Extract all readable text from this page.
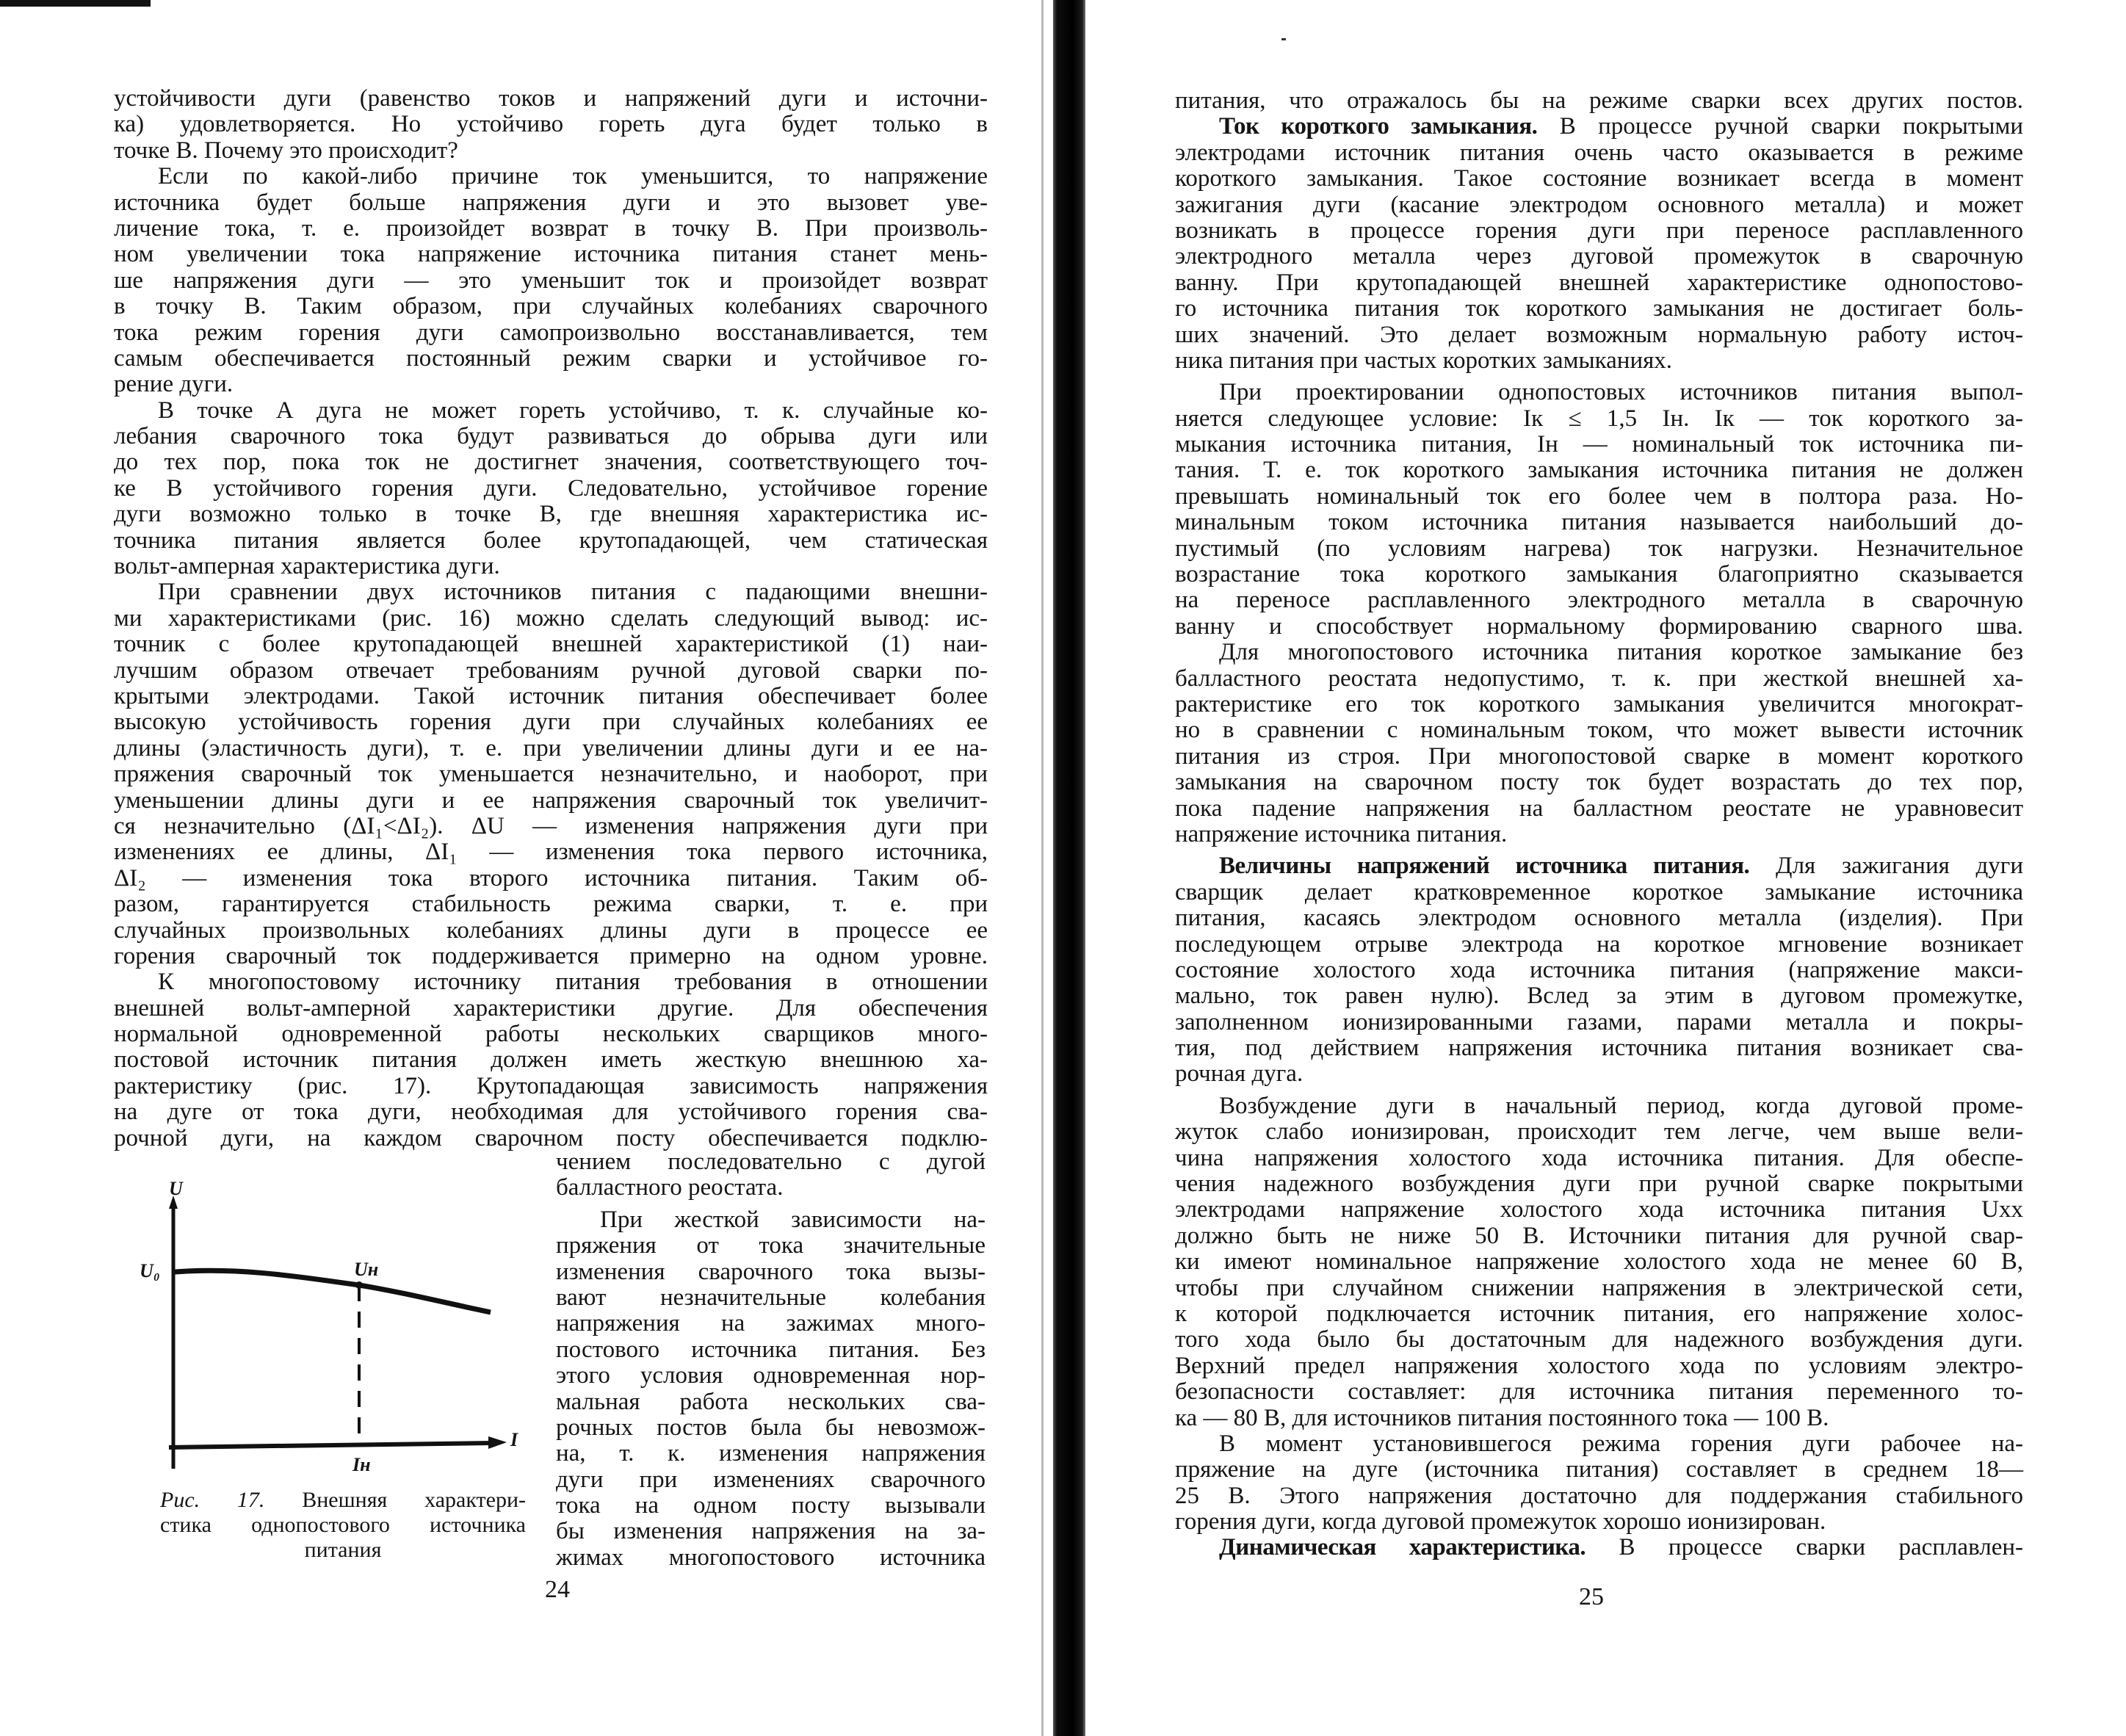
устойчивости дуги (равенство токов и напряжений дуги и источни-
ка) удовлетворяется. Но устойчиво гореть дуга будет только в
точке В. Почему это происходит?
Если по какой-либо причине ток уменьшится, то напряжение
источника будет больше напряжения дуги и это вызовет уве-
личение тока, т. е. произойдет возврат в точку В. При произволь-
ном увеличении тока напряжение источника питания станет мень-
ше напряжения дуги — это уменьшит ток и произойдет возврат
в точку В. Таким образом, при случайных колебаниях сварочного
тока режим горения дуги самопроизвольно восстанавливается, тем
самым обеспечивается постоянный режим сварки и устойчивое го-
рение дуги.
В точке А дуга не может гореть устойчиво, т. к. случайные ко-
лебания сварочного тока будут развиваться до обрыва дуги или
до тех пор, пока ток не достигнет значения, соответствующего точ-
ке В устойчивого горения дуги. Следовательно, устойчивое горение
дуги возможно только в точке В, где внешняя характеристика ис-
точника питания является более крутопадающей, чем статическая
вольт-амперная характеристика дуги.
При сравнении двух источников питания с падающими внешни-
ми характеристиками (рис. 16) можно сделать следующий вывод: ис-
точник с более крутопадающей внешней характеристикой (1) наи-
лучшим образом отвечает требованиям ручной дуговой сварки по-
крытыми электродами. Такой источник питания обеспечивает более
высокую устойчивость горения дуги при случайных колебаниях ее
длины (эластичность дуги), т. е. при увеличении длины дуги и ее на-
пряжения сварочный ток уменьшается незначительно, и наоборот, при
уменьшении длины дуги и ее напряжения сварочный ток увеличит-
ся незначительно (ΔI₁<ΔI₂). ΔU — изменения напряжения дуги при
изменениях ее длины, ΔI₁ — изменения тока первого источника,
ΔI₂ — изменения тока второго источника питания. Таким об-
разом, гарантируется стабильность режима сварки, т. е. при
случайных произвольных колебаниях длины дуги в процессе ее
горения сварочный ток поддерживается примерно на одном уровне.
К многопостовому источнику питания требования в отношении
внешней вольт-амперной характеристики другие. Для обеспечения
нормальной одновременной работы нескольких сварщиков много-
постовой источник питания должен иметь жесткую внешнюю ха-
рактеристику (рис. 17). Крутопадающая зависимость напряжения
на дуге от тока дуги, необходимая для устойчивого горения сва-
рочной дуги, на каждом сварочном посту обеспечивается подклю-
U
I
U₀	Uн
Iн
Рис. 17. Внешняя характери-
стика однопостового источника
питания
чением последовательно с дугой
балластного реостата.
При жесткой зависимости на-
пряжения от тока значительные
изменения сварочного тока вызы-
вают незначительные колебания
напряжения на зажимах много-
постового источника питания. Без
этого условия одновременная нор-
мальная работа нескольких сва-
рочных постов была бы невозмож-
на, т. к. изменения напряжения
дуги при изменениях сварочного
тока на одном посту вызывали
бы изменения напряжения на за-
жимах многопостового источника
24
питания, что отражалось бы на режиме сварки всех других постов.
Ток короткого замыкания. В процессе ручной сварки покрытыми
электродами источник питания очень часто оказывается в режиме
короткого замыкания. Такое состояние возникает всегда в момент
зажигания дуги (касание электродом основного металла) и может
возникать в процессе горения дуги при переносе расплавленного
электродного металла через дуговой промежуток в сварочную
ванну. При крутопадающей внешней характеристике однопостово-
го источника питания ток короткого замыкания не достигает боль-
ших значений. Это делает возможным нормальную работу источ-
ника питания при частых коротких замыканиях.
При проектировании однопостовых источников питания выпол-
няется следующее условие: Iк ≤ 1,5 Iн. Iк — ток короткого за-
мыкания источника питания, Iн — номинальный ток источника пи-
тания. Т. е. ток короткого замыкания источника питания не должен
превышать номинальный ток его более чем в полтора раза. Но-
минальным током источника питания называется наибольший до-
пустимый (по условиям нагрева) ток нагрузки. Незначительное
возрастание тока короткого замыкания благоприятно сказывается
на переносе расплавленного электродного металла в сварочную
ванну и способствует нормальному формированию сварного шва.
Для многопостового источника питания короткое замыкание без
балластного реостата недопустимо, т. к. при жесткой внешней ха-
рактеристике его ток короткого замыкания увеличится многократ-
но в сравнении с номинальным током, что может вывести источник
питания из строя. При многопостовой сварке в момент короткого
замыкания на сварочном посту ток будет возрастать до тех пор,
пока падение напряжения на балластном реостате не уравновесит
напряжение источника питания.
Величины напряжений источника питания. Для зажигания дуги
сварщик делает кратковременное короткое замыкание источника
питания, касаясь электродом основного металла (изделия). При
последующем отрыве электрода на короткое мгновение возникает
состояние холостого хода источника питания (напряжение макси-
мально, ток равен нулю). Вслед за этим в дуговом промежутке,
заполненном ионизированными газами, парами металла и покры-
тия, под действием напряжения источника питания возникает сва-
рочная дуга.
Возбуждение дуги в начальный период, когда дуговой проме-
жуток слабо ионизирован, происходит тем легче, чем выше вели-
чина напряжения холостого хода источника питания. Для обеспе-
чения надежного возбуждения дуги при ручной сварке покрытыми
электродами напряжение холостого хода источника питания Uхх
должно быть не ниже 50 В. Источники питания для ручной свар-
ки имеют номинальное напряжение холостого хода не менее 60 В,
чтобы при случайном снижении напряжения в электрической сети,
к которой подключается источник питания, его напряжение холос-
того хода было бы достаточным для надежного возбуждения дуги.
Верхний предел напряжения холостого хода по условиям электро-
безопасности составляет: для источника питания переменного то-
ка — 80 В, для источников питания постоянного тока — 100 В.
В момент установившегося режима горения дуги рабочее на-
пряжение на дуге (источника питания) составляет в среднем 18—
25 В. Этого напряжения достаточно для поддержания стабильного
горения дуги, когда дуговой промежуток хорошо ионизирован.
Динамическая характеристика. В процессе сварки расплавлен-
25
